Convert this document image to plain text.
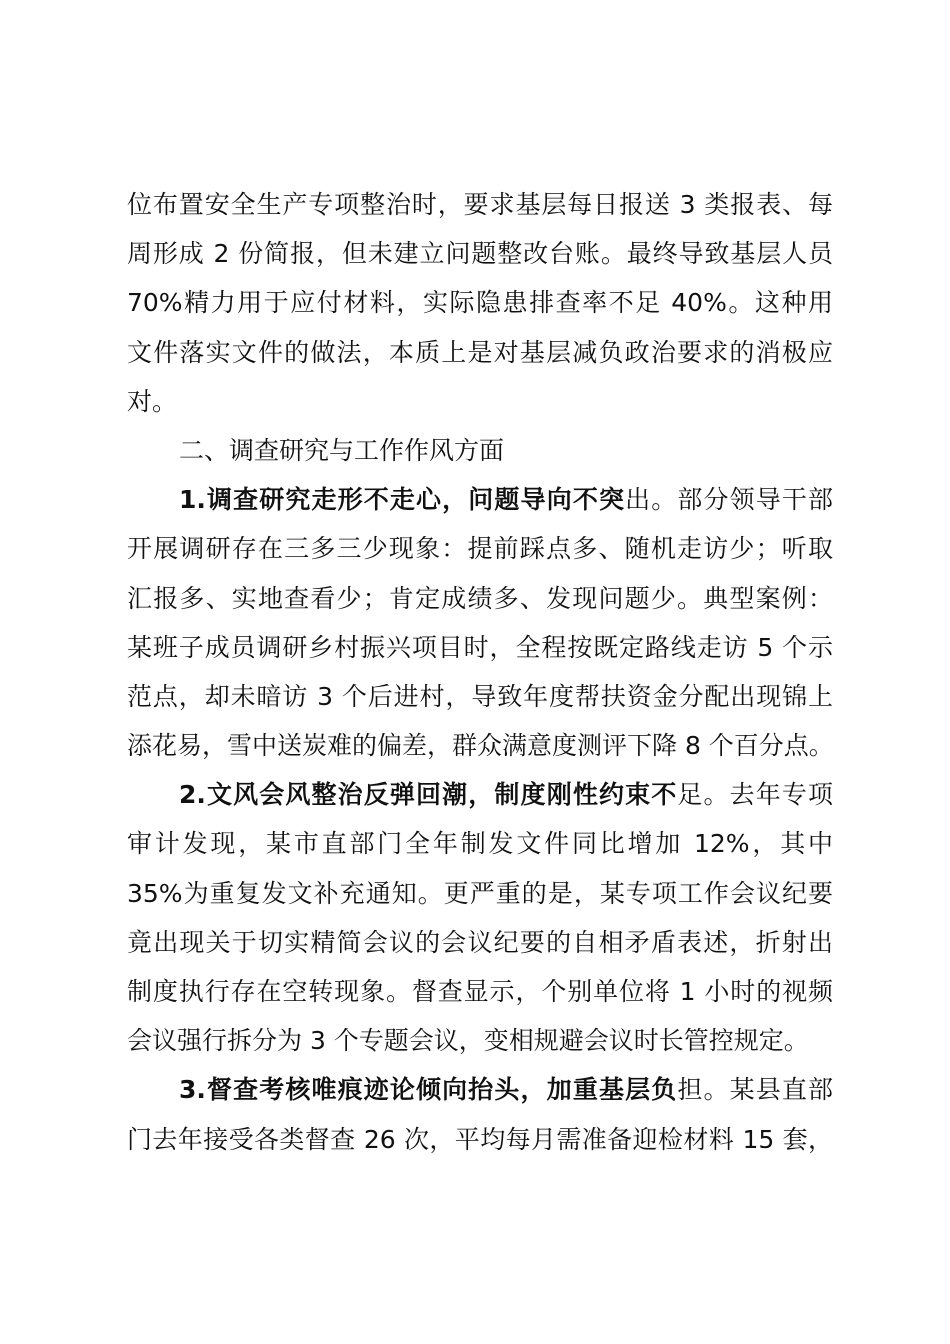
位布置安全生产专项整治时，要求基层每日报送 3 类报表、每
周形成 2 份简报，但未建立问题整改台账。最终导致基层人员
70%精力用于应付材料，实际隐患排查率不足 40%。这种用
文件落实文件的做法，本质上是对基层减负政治要求的消极应
对。
二、调查研究与工作作风方面
1.调查研究走形不走心，问题导向不突出。部分领导干部
开展调研存在三多三少现象：提前踩点多、随机走访少；听取
汇报多、实地查看少；肯定成绩多、发现问题少。典型案例：
某班子成员调研乡村振兴项目时，全程按既定路线走访 5 个示
范点，却未暗访 3 个后进村，导致年度帮扶资金分配出现锦上
添花易，雪中送炭难的偏差，群众满意度测评下降 8 个百分点。
2.文风会风整治反弹回潮，制度刚性约束不足。去年专项
审计发现，某市直部门全年制发文件同比增加 12%，其中
35%为重复发文补充通知。更严重的是，某专项工作会议纪要
竟出现关于切实精简会议的会议纪要的自相矛盾表述，折射出
制度执行存在空转现象。督查显示，个别单位将 1 小时的视频
会议强行拆分为 3 个专题会议，变相规避会议时长管控规定。
3.督查考核唯痕迹论倾向抬头，加重基层负担。某县直部
门去年接受各类督查 26 次，平均每月需准备迎检材料 15 套，
